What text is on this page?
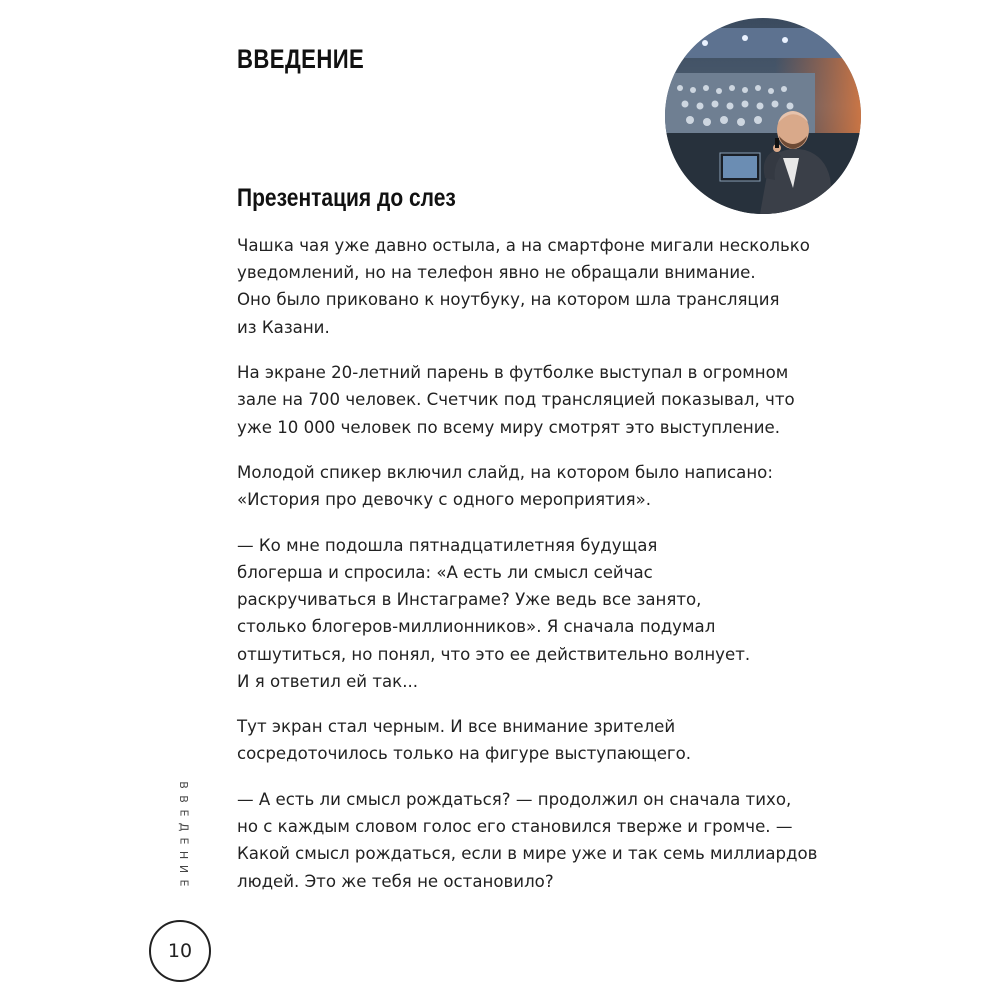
ВВЕДЕНИЕ
Презентация до слез

Чашка чая уже давно остыла, а на смартфоне мигали несколько
уведомлений, но на телефон явно не обращали внимание.
Оно было приковано к ноутбуку, на котором шла трансляция
из Казани.

На экране 20-летний парень в футболке выступал в огромном
зале на 700 человек. Счетчик под трансляцией показывал, что
уже 10 000 человек по всему миру смотрят это выступление.

Молодой спикер включил слайд, на котором было написано:
«История про девочку с одного мероприятия».

— Ко мне подошла пятнадцатилетняя будущая
блогерша и спросила: «А есть ли смысл сейчас
раскручиваться в Инстаграме? Уже ведь все занято,
столько блогеров-миллионников». Я сначала подумал
отшутиться, но понял, что это ее действительно волнует.
И я ответил ей так...

Тут экран стал черным. И все внимание зрителей
сосредоточилось только на фигуре выступающего.

— А есть ли смысл рождаться? — продолжил он сначала тихо,
но с каждым словом голос его становился тверже и громче. —
Какой смысл рождаться, если в мире уже и так семь миллиардов
людей. Это же тебя не остановило?

В
В
Е
Д
Е
Н
И
Е
10
